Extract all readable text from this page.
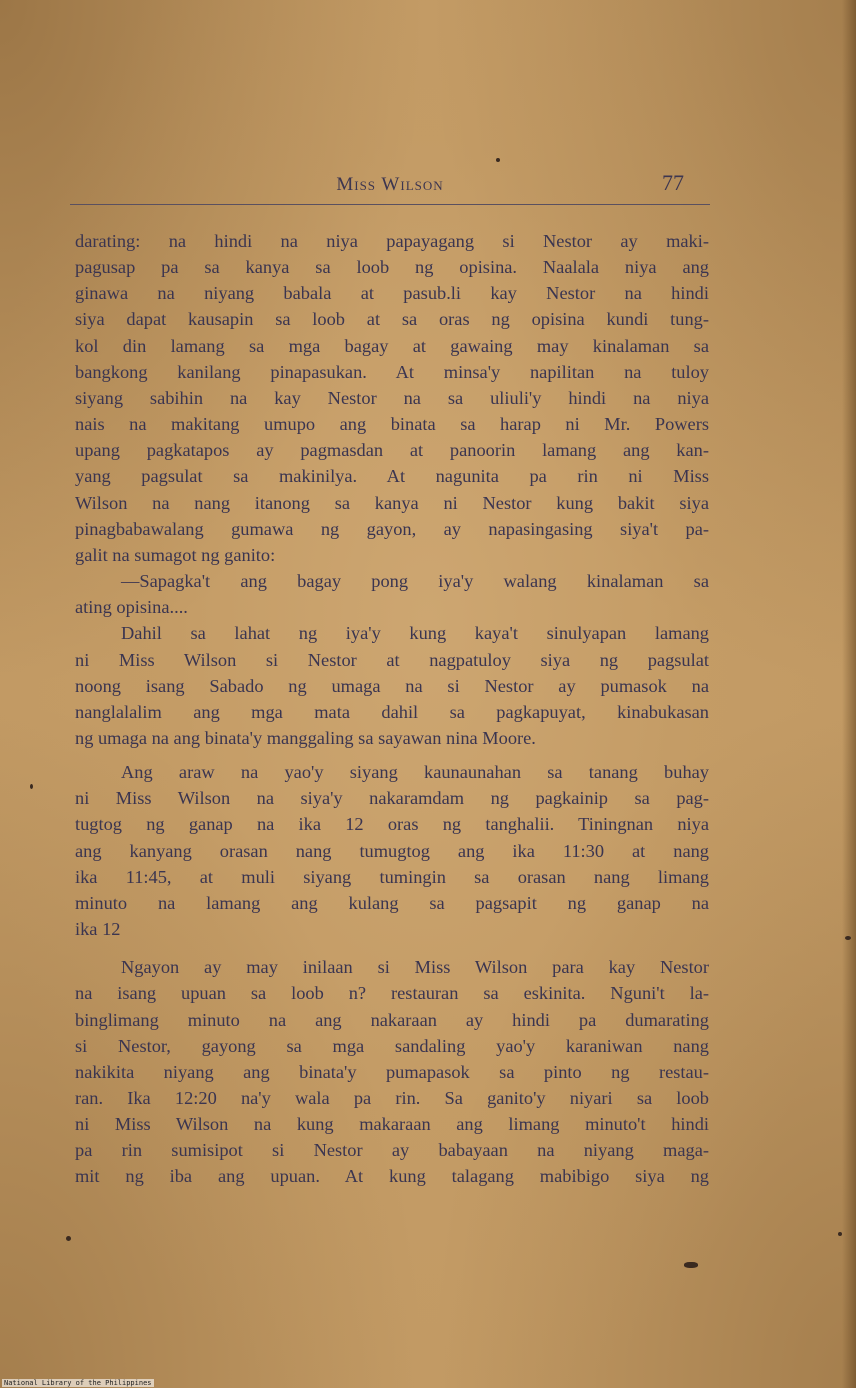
Miss Wilson	77
darating: na hindi na niya papayagang si Nestor ay maki-
pagusap pa sa kanya sa loob ng opisina. Naalala niya ang
ginawa na niyang babala at pasub.li kay Nestor na hindi
siya dapat kausapin sa loob at sa oras ng opisina kundi tung-
kol din lamang sa mga bagay at gawaing may kinalaman sa
bangkong kanilang pinapasukan. At minsa'y napilitan na tuloy
siyang sabihin na kay Nestor na sa uliuli'y hindi na niya
nais na makitang umupo ang binata sa harap ni Mr. Powers
upang pagkatapos ay pagmasdan at panoorin lamang ang kan-
yang pagsulat sa makinilya. At nagunita pa rin ni Miss
Wilson na nang itanong sa kanya ni Nestor kung bakit siya
pinagbabawalang gumawa ng gayon, ay napasingasing siya't pa-
galit na sumagot ng ganito:
—Sapagka't ang bagay pong iya'y walang kinalaman sa
ating opisina....
Dahil sa lahat ng iya'y kung kaya't sinulyapan lamang
ni Miss Wilson si Nestor at nagpatuloy siya ng pagsulat
noong isang Sabado ng umaga na si Nestor ay pumasok na
nanglalalim ang mga mata dahil sa pagkapuyat, kinabukasan
ng umaga na ang binata'y manggaling sa sayawan nina Moore.
Ang araw na yao'y siyang kaunaunahan sa tanang buhay
ni Miss Wilson na siya'y nakaramdam ng pagkainip sa pag-
tugtog ng ganap na ika 12 oras ng tanghalii. Tiningnan niya
ang kanyang orasan nang tumugtog ang ika 11:30 at nang
ika 11:45, at muli siyang tumingin sa orasan nang limang
minuto na lamang ang kulang sa pagsapit ng ganap na
ika 12
Ngayon ay may inilaan si Miss Wilson para kay Nestor
na isang upuan sa loob n? restauran sa eskinita. Nguni't la-
binglimang minuto na ang nakaraan ay hindi pa dumarating
si Nestor, gayong sa mga sandaling yao'y karaniwan nang
nakikita niyang ang binata'y pumapasok sa pinto ng restau-
ran. Ika 12:20 na'y wala pa rin. Sa ganito'y niyari sa loob
ni Miss Wilson na kung makaraan ang limang minuto't hindi
pa rin sumisipot si Nestor ay babayaan na niyang maga-
mit ng iba ang upuan. At kung talagang mabibigo siya ng
National Library of the Philippines
